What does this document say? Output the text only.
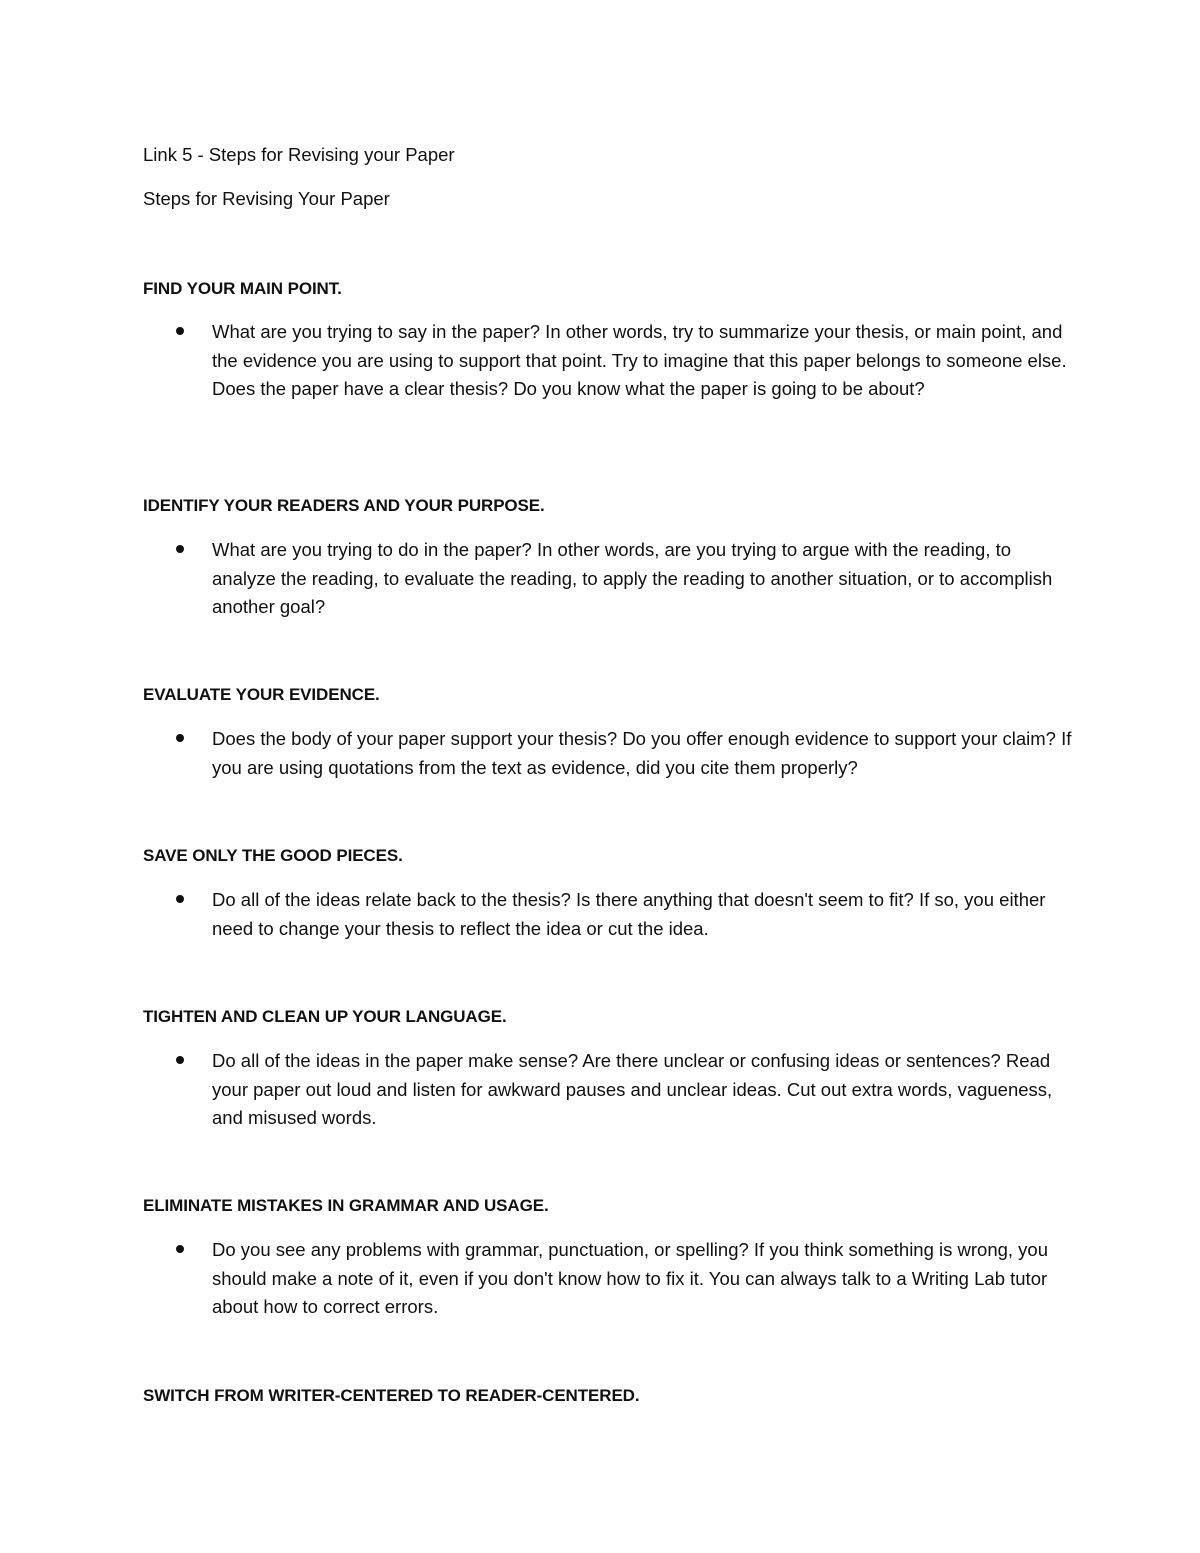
Link 5 - Steps for Revising your Paper
Steps for Revising Your Paper
FIND YOUR MAIN POINT.
What are you trying to say in the paper? In other words, try to summarize your thesis, or main point, and the evidence you are using to support that point. Try to imagine that this paper belongs to someone else. Does the paper have a clear thesis? Do you know what the paper is going to be about?
IDENTIFY YOUR READERS AND YOUR PURPOSE.
What are you trying to do in the paper? In other words, are you trying to argue with the reading, to analyze the reading, to evaluate the reading, to apply the reading to another situation, or to accomplish another goal?
EVALUATE YOUR EVIDENCE.
Does the body of your paper support your thesis? Do you offer enough evidence to support your claim? If you are using quotations from the text as evidence, did you cite them properly?
SAVE ONLY THE GOOD PIECES.
Do all of the ideas relate back to the thesis? Is there anything that doesn't seem to fit? If so, you either need to change your thesis to reflect the idea or cut the idea.
TIGHTEN AND CLEAN UP YOUR LANGUAGE.
Do all of the ideas in the paper make sense? Are there unclear or confusing ideas or sentences? Read your paper out loud and listen for awkward pauses and unclear ideas. Cut out extra words, vagueness, and misused words.
ELIMINATE MISTAKES IN GRAMMAR AND USAGE.
Do you see any problems with grammar, punctuation, or spelling? If you think something is wrong, you should make a note of it, even if you don't know how to fix it. You can always talk to a Writing Lab tutor about how to correct errors.
SWITCH FROM WRITER-CENTERED TO READER-CENTERED.
